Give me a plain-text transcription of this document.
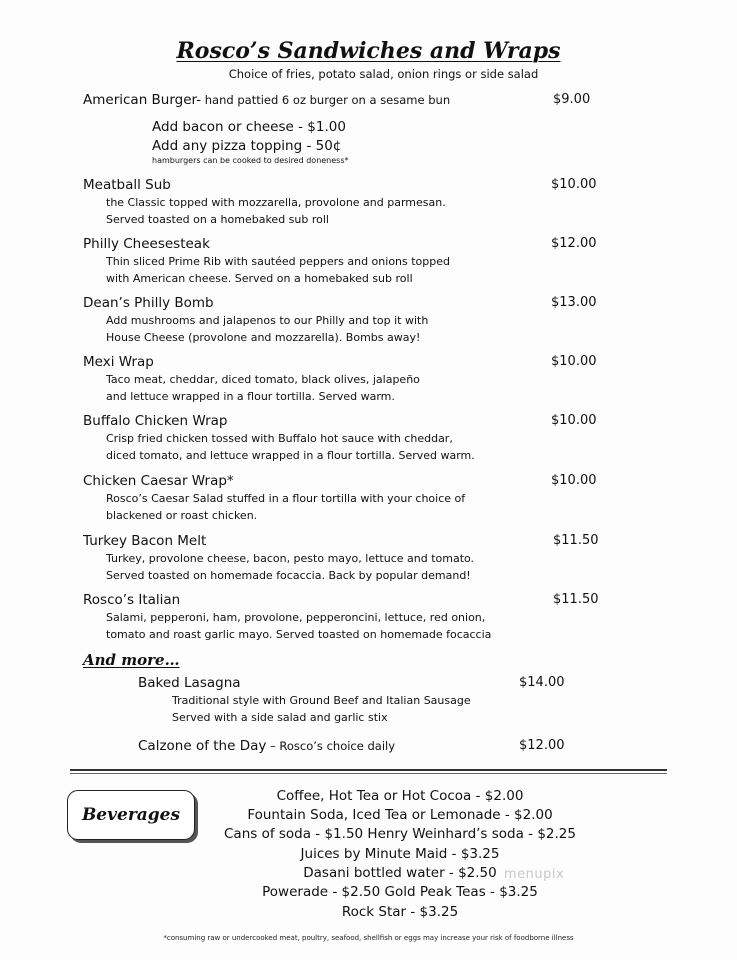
Rosco’s Sandwiches and Wraps
Choice of fries, potato salad, onion rings or side salad
American Burger- hand pattied 6 oz burger on a sesame bun	$9.00
Add bacon or cheese - $1.00
Add any pizza topping - 50¢
hamburgers can be cooked to desired doneness*
Meatball Sub
the Classic topped with mozzarella, provolone and parmesan.
Served toasted on a homebaked sub roll
$10.00
Philly Cheesesteak
Thin sliced Prime Rib with sautéed peppers and onions topped
with American cheese. Served on a homebaked sub roll
$12.00
Dean’s Philly Bomb
Add mushrooms and jalapenos to our Philly and top it with
House Cheese (provolone and mozzarella). Bombs away!
$13.00
Mexi Wrap
Taco meat, cheddar, diced tomato, black olives, jalapeño
and lettuce wrapped in a flour tortilla. Served warm.
$10.00
Buffalo Chicken Wrap
Crisp fried chicken tossed with Buffalo hot sauce with cheddar,
diced tomato, and lettuce wrapped in a flour tortilla. Served warm.
$10.00
Chicken Caesar Wrap*
Rosco’s Caesar Salad stuffed in a flour tortilla with your choice of
blackened or roast chicken.
$10.00
Turkey Bacon Melt
Turkey, provolone cheese, bacon, pesto mayo, lettuce and tomato.
Served toasted on homemade focaccia. Back by popular demand!
$11.50
Rosco’s Italian
Salami, pepperoni, ham, provolone, pepperoncini, lettuce, red onion,
tomato and roast garlic mayo. Served toasted on homemade focaccia
$11.50
And more…
Baked Lasagna
Traditional style with Ground Beef and Italian Sausage
Served with a side salad and garlic stix
$14.00
Calzone of the Day – Rosco’s choice daily	$12.00
Beverages
Coffee, Hot Tea or Hot Cocoa - $2.00
Fountain Soda, Iced Tea or Lemonade - $2.00
Cans of soda - $1.50 Henry Weinhard’s soda - $2.25
Juices by Minute Maid - $3.25
Dasani bottled water - $2.50
Powerade - $2.50 Gold Peak Teas - $3.25
Rock Star - $3.25
menupix
*consuming raw or undercooked meat, poultry, seafood, shellfish or eggs may increase your risk of foodborne illness
